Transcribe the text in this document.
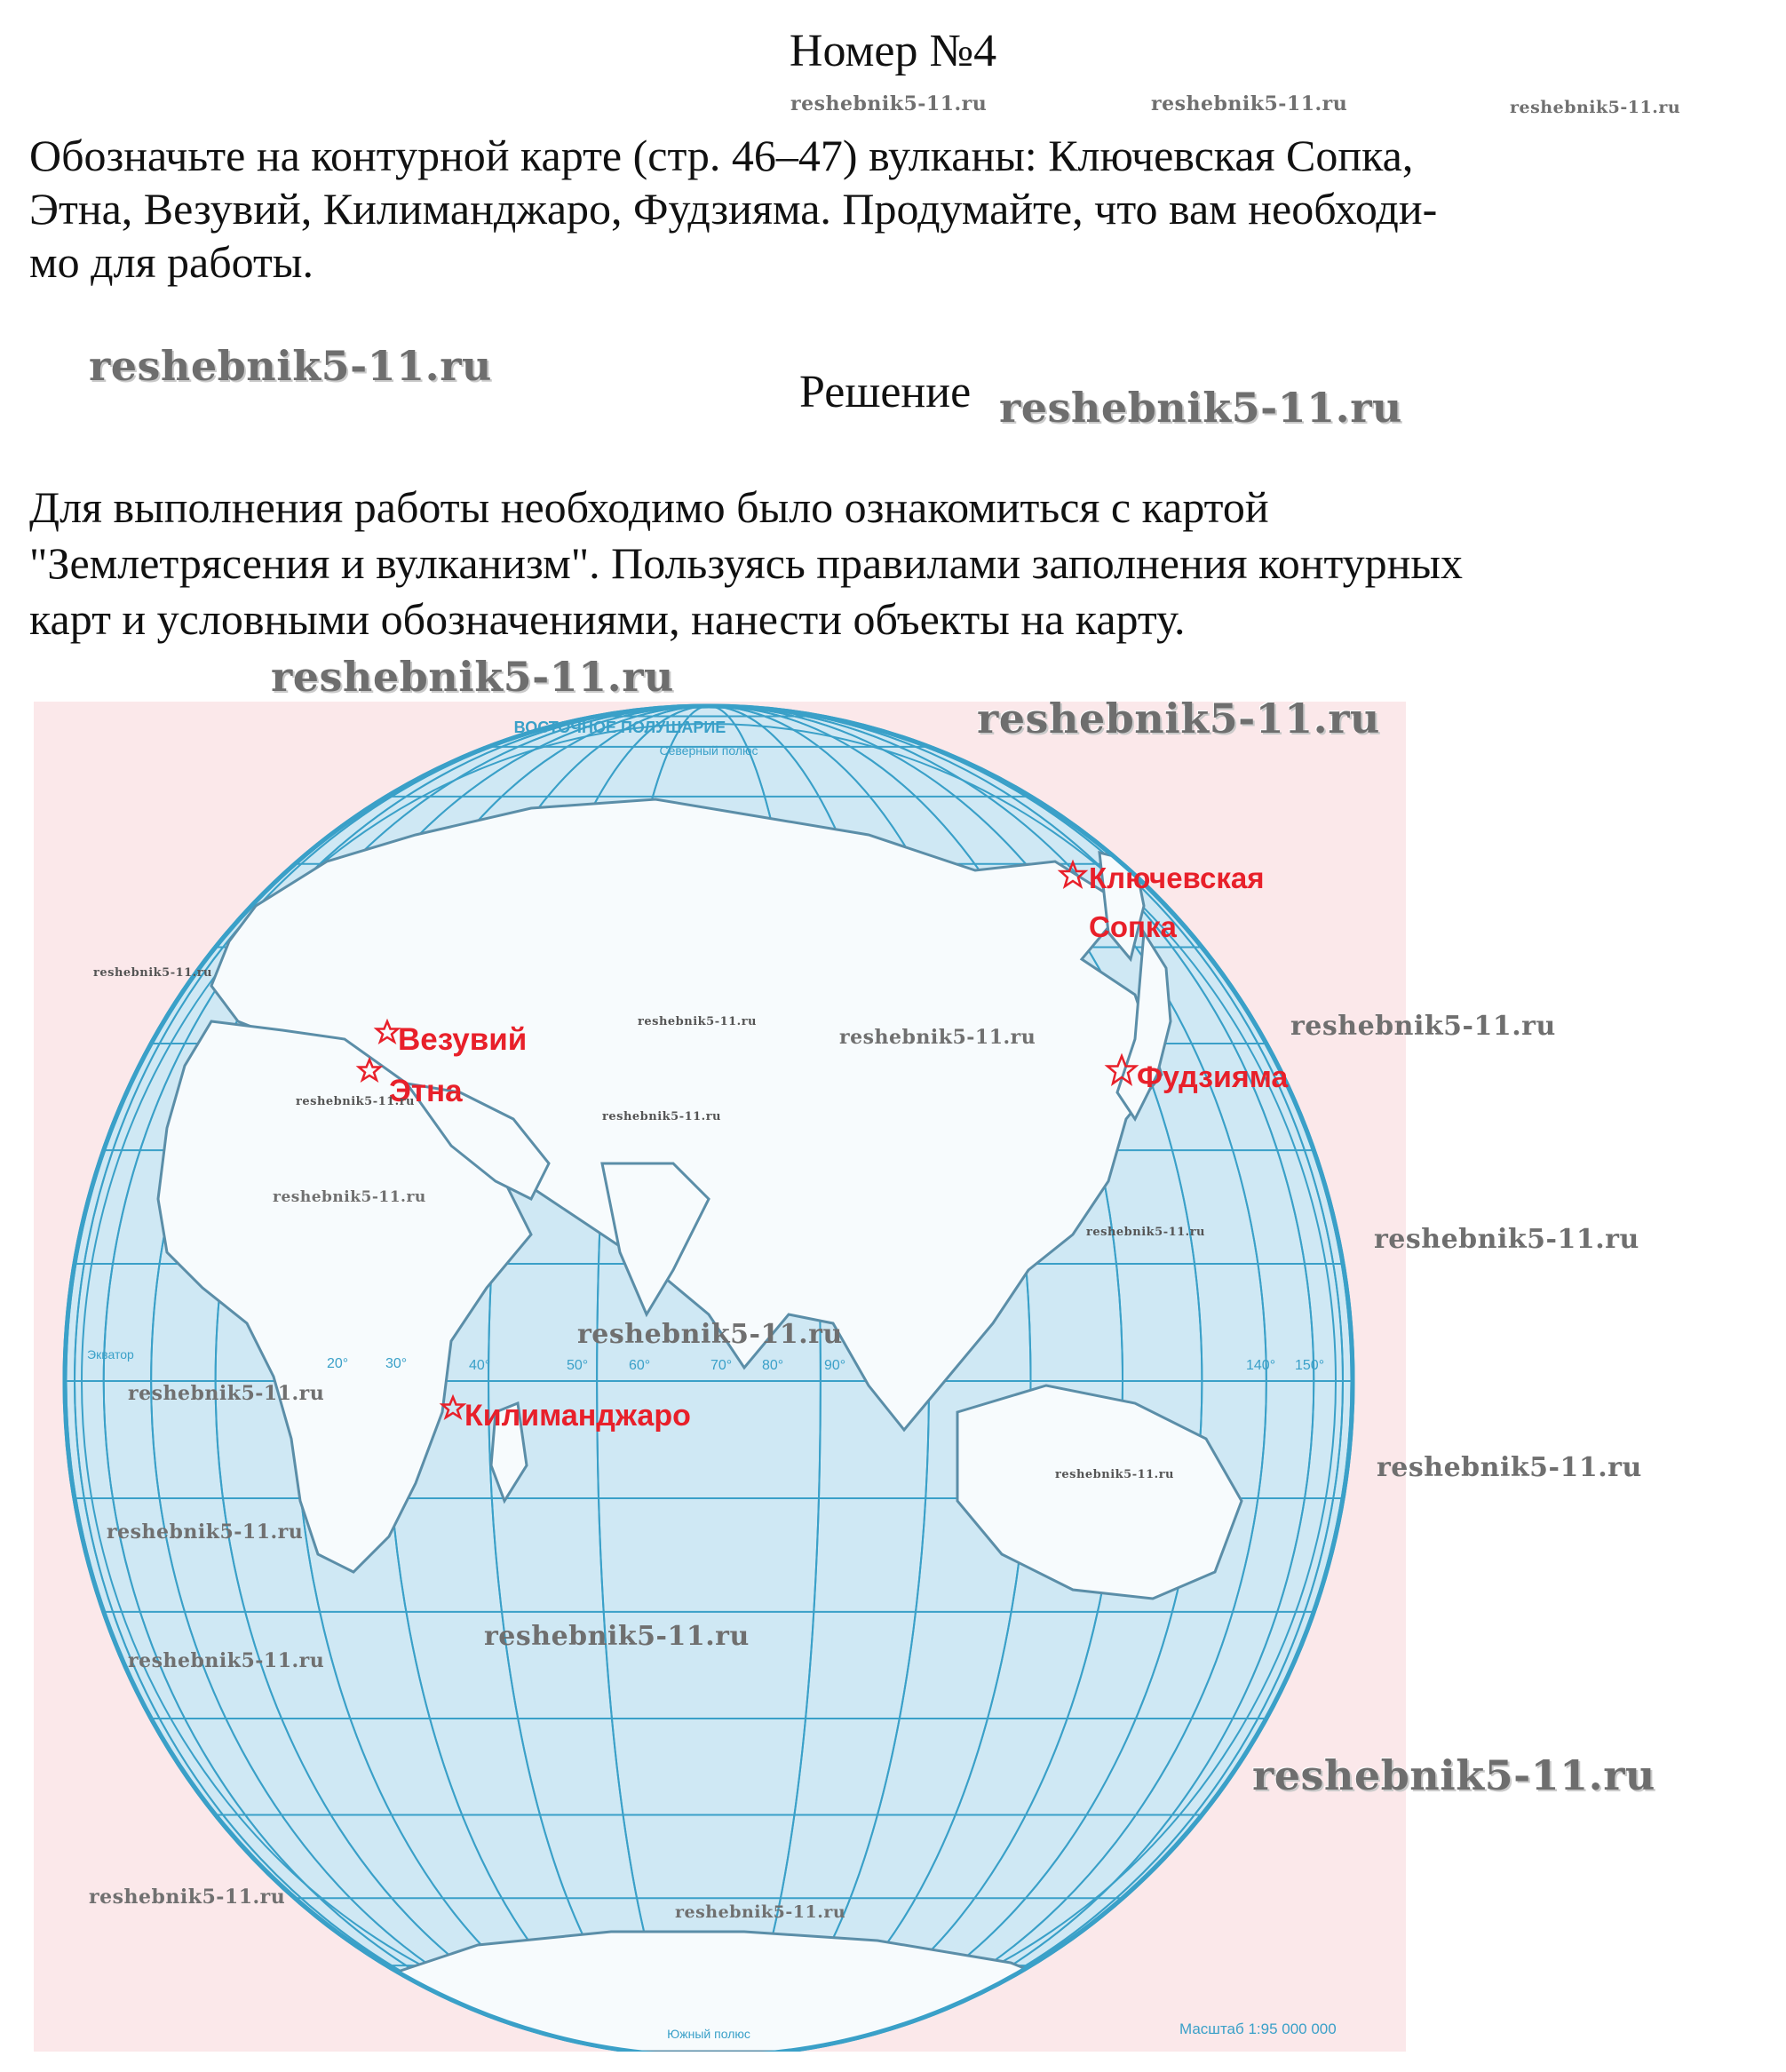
Номер №4
reshebnik5-11.ru	reshebnik5-11.ru	reshebnik5-11.ru
Обозначьте на контурной карте (стр. 46–47) вулканы: Ключевская Сопка,
Этна, Везувий, Килиманджаро, Фудзияма. Продумайте, что вам необходи-
мо для работы.
reshebnik5-11.ru
Решение reshebnik5-11.ru
Для выполнения работы необходимо было ознакомиться с картой
"Землетрясения и вулканизм". Пользуясь правилами заполнения контурных
карт и условными обозначениями, нанести объекты на карту.
ВОСТОЧНОЕ ПОЛУШАРИЕ
Северный полюс
Южный полюс
Экватор
Масштаб 1:95 000 000
20°	30°	40°	50°	60°	70° 80°	90°	140° 150°
Ключевская
Сопка
Везувий
Этна	Фудзияма
Килиманджаро
reshebnik5-11.ru
reshebnik5-11.ru
reshebnik5-11.ru
reshebnik5-11.ru
reshebnik5-11.ru	reshebnik5-11.ru
reshebnik5-11.ru
reshebnik5-11.ru
reshebnik5-11.ru
reshebnik5-11.ru	reshebnik5-11.ru
reshebnik5-11.ru
reshebnik5-11.ru
reshebnik5-11.ru	reshebnik5-11.ru
reshebnik5-11.ru
reshebnik5-11.ru
reshebnik5-11.ru
reshebnik5-11.ru
reshebnik5-11.ru
reshebnik5-11.ru
